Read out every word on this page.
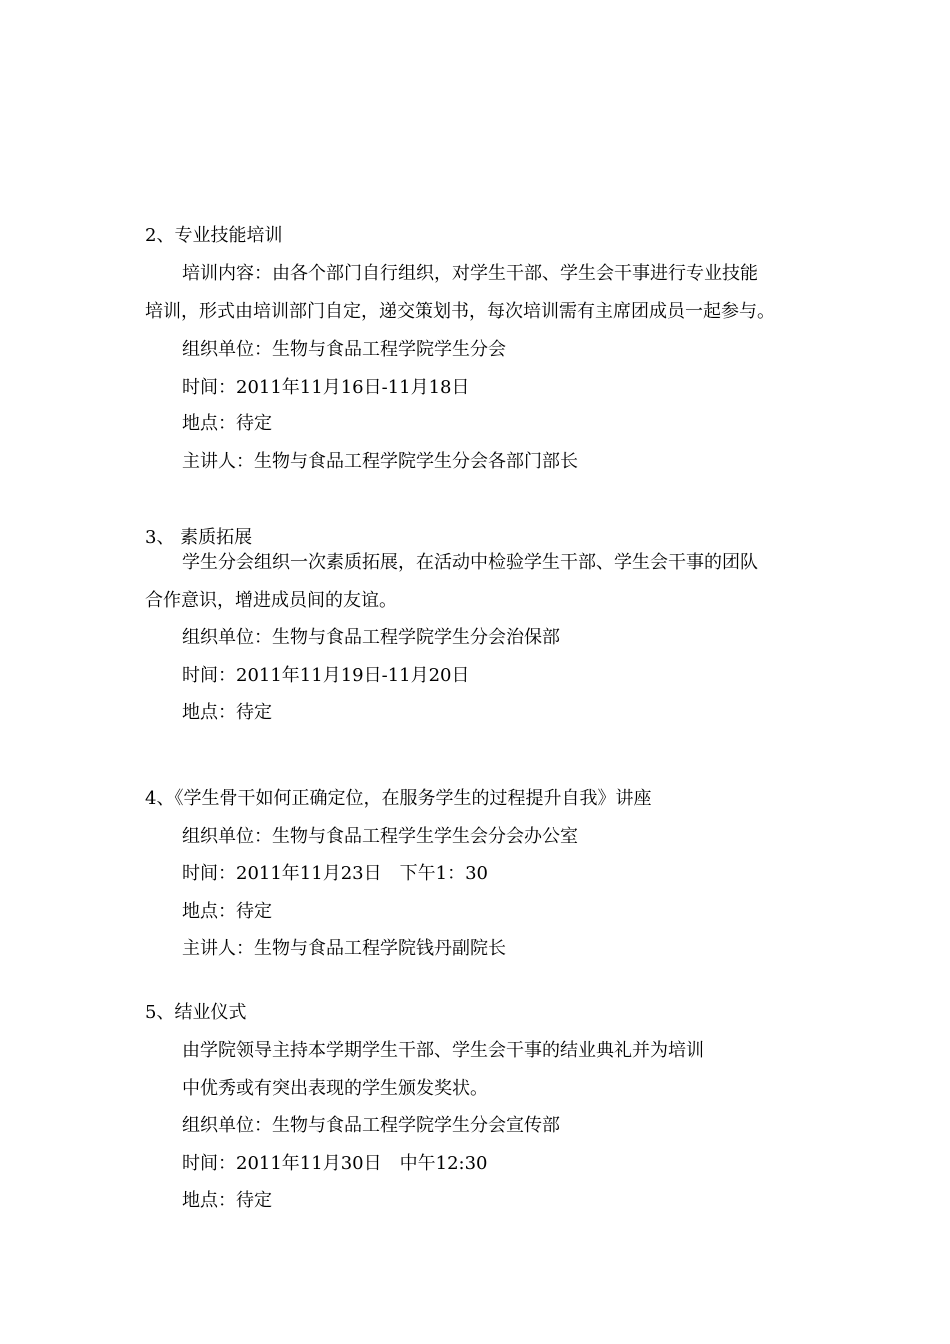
2、专业技能培训
培训内容：由各个部门自行组织，对学生干部、学生会干事进行专业技能
培训，形式由培训部门自定，递交策划书，每次培训需有主席团成员一起参与。
组织单位：生物与食品工程学院学生分会
时间：2011年11月16日-11月18日
地点：待定
主讲人：生物与食品工程学院学生分会各部门部长
3、 素质拓展
学生分会组织一次素质拓展，在活动中检验学生干部、学生会干事的团队
合作意识，增进成员间的友谊。
组织单位：生物与食品工程学院学生分会治保部
时间：2011年11月19日-11月20日
地点：待定
4、《学生骨干如何正确定位，在服务学生的过程提升自我》讲座
组织单位：生物与食品工程学生学生会分会办公室
时间：2011年11月23日　下午1：30
地点：待定
主讲人：生物与食品工程学院钱丹副院长
5、结业仪式
由学院领导主持本学期学生干部、学生会干事的结业典礼并为培训
中优秀或有突出表现的学生颁发奖状。
组织单位：生物与食品工程学院学生分会宣传部
时间：2011年11月30日　中午12:30
地点：待定
